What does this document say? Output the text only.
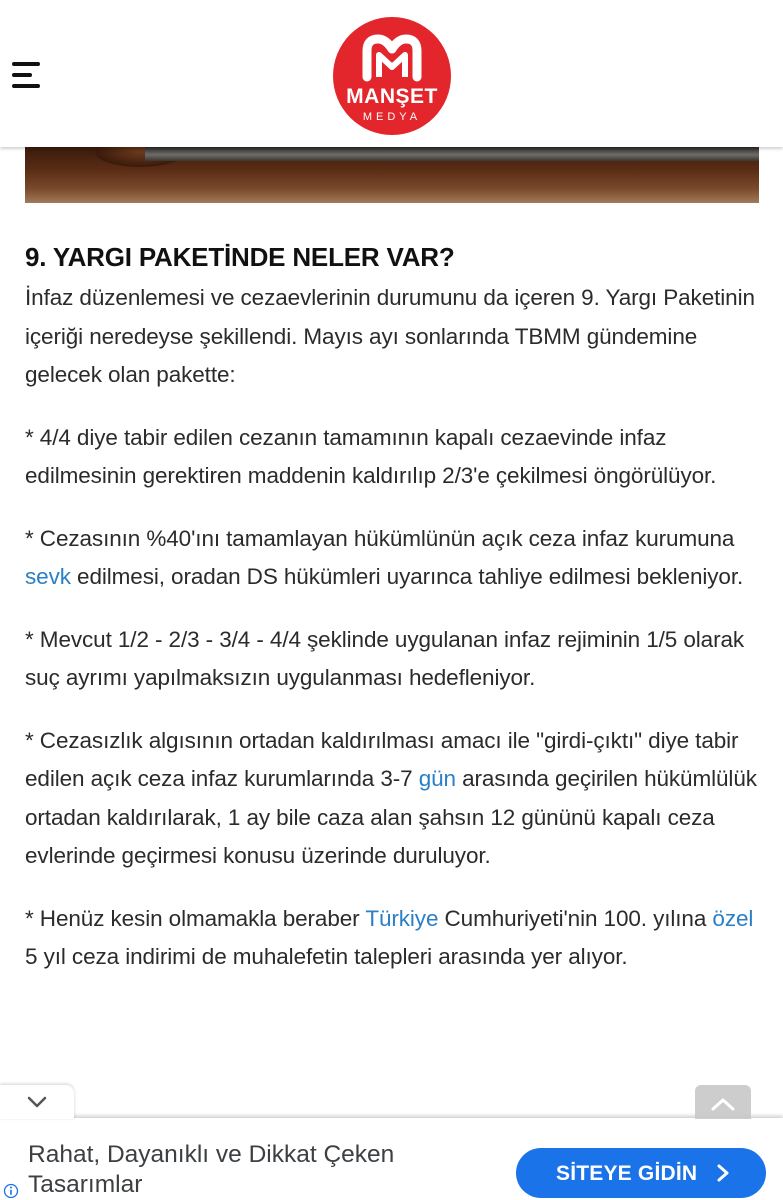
MANŞET
MEDYA
9. YARGI PAKETİNDE NELER VAR?

İnfaz düzenlemesi ve cezaevlerinin durumunu da içeren 9. Yargı Paketinin içeriği neredeyse şekillendi. Mayıs ayı sonlarında TBMM gündemine gelecek olan pakette:

* 4/4 diye tabir edilen cezanın tamamının kapalı cezaevinde infaz edilmesinin gerektiren maddenin kaldırılıp 2/3'e çekilmesi öngörülüyor.

* Cezasının %40'ını tamamlayan hükümlünün açık ceza infaz kurumuna sevk edilmesi, oradan DS hükümleri uyarınca tahliye edilmesi bekleniyor.

* Mevcut 1/2 - 2/3 - 3/4 - 4/4 şeklinde uygulanan infaz rejiminin 1/5 olarak suç ayrımı yapılmaksızın uygulanması hedefleniyor.

* Cezasızlık algısının ortadan kaldırılması amacı ile "girdi-çıktı" diye tabir edilen açık ceza infaz kurumlarında 3-7 gün arasında geçirilen hükümlülük ortadan kaldırılarak, 1 ay bile caza alan şahsın 12 gününü kapalı ceza evlerinde geçirmesi konusu üzerinde duruluyor.

* Henüz kesin olmamakla beraber Türkiye Cumhuriyeti'nin 100. yılına özel 5 yıl ceza indirimi de muhalefetin talepleri arasında yer alıyor.

Rahat, Dayanıklı ve Dikkat Çeken Tasarımlar	SİTEYE GİDİN
